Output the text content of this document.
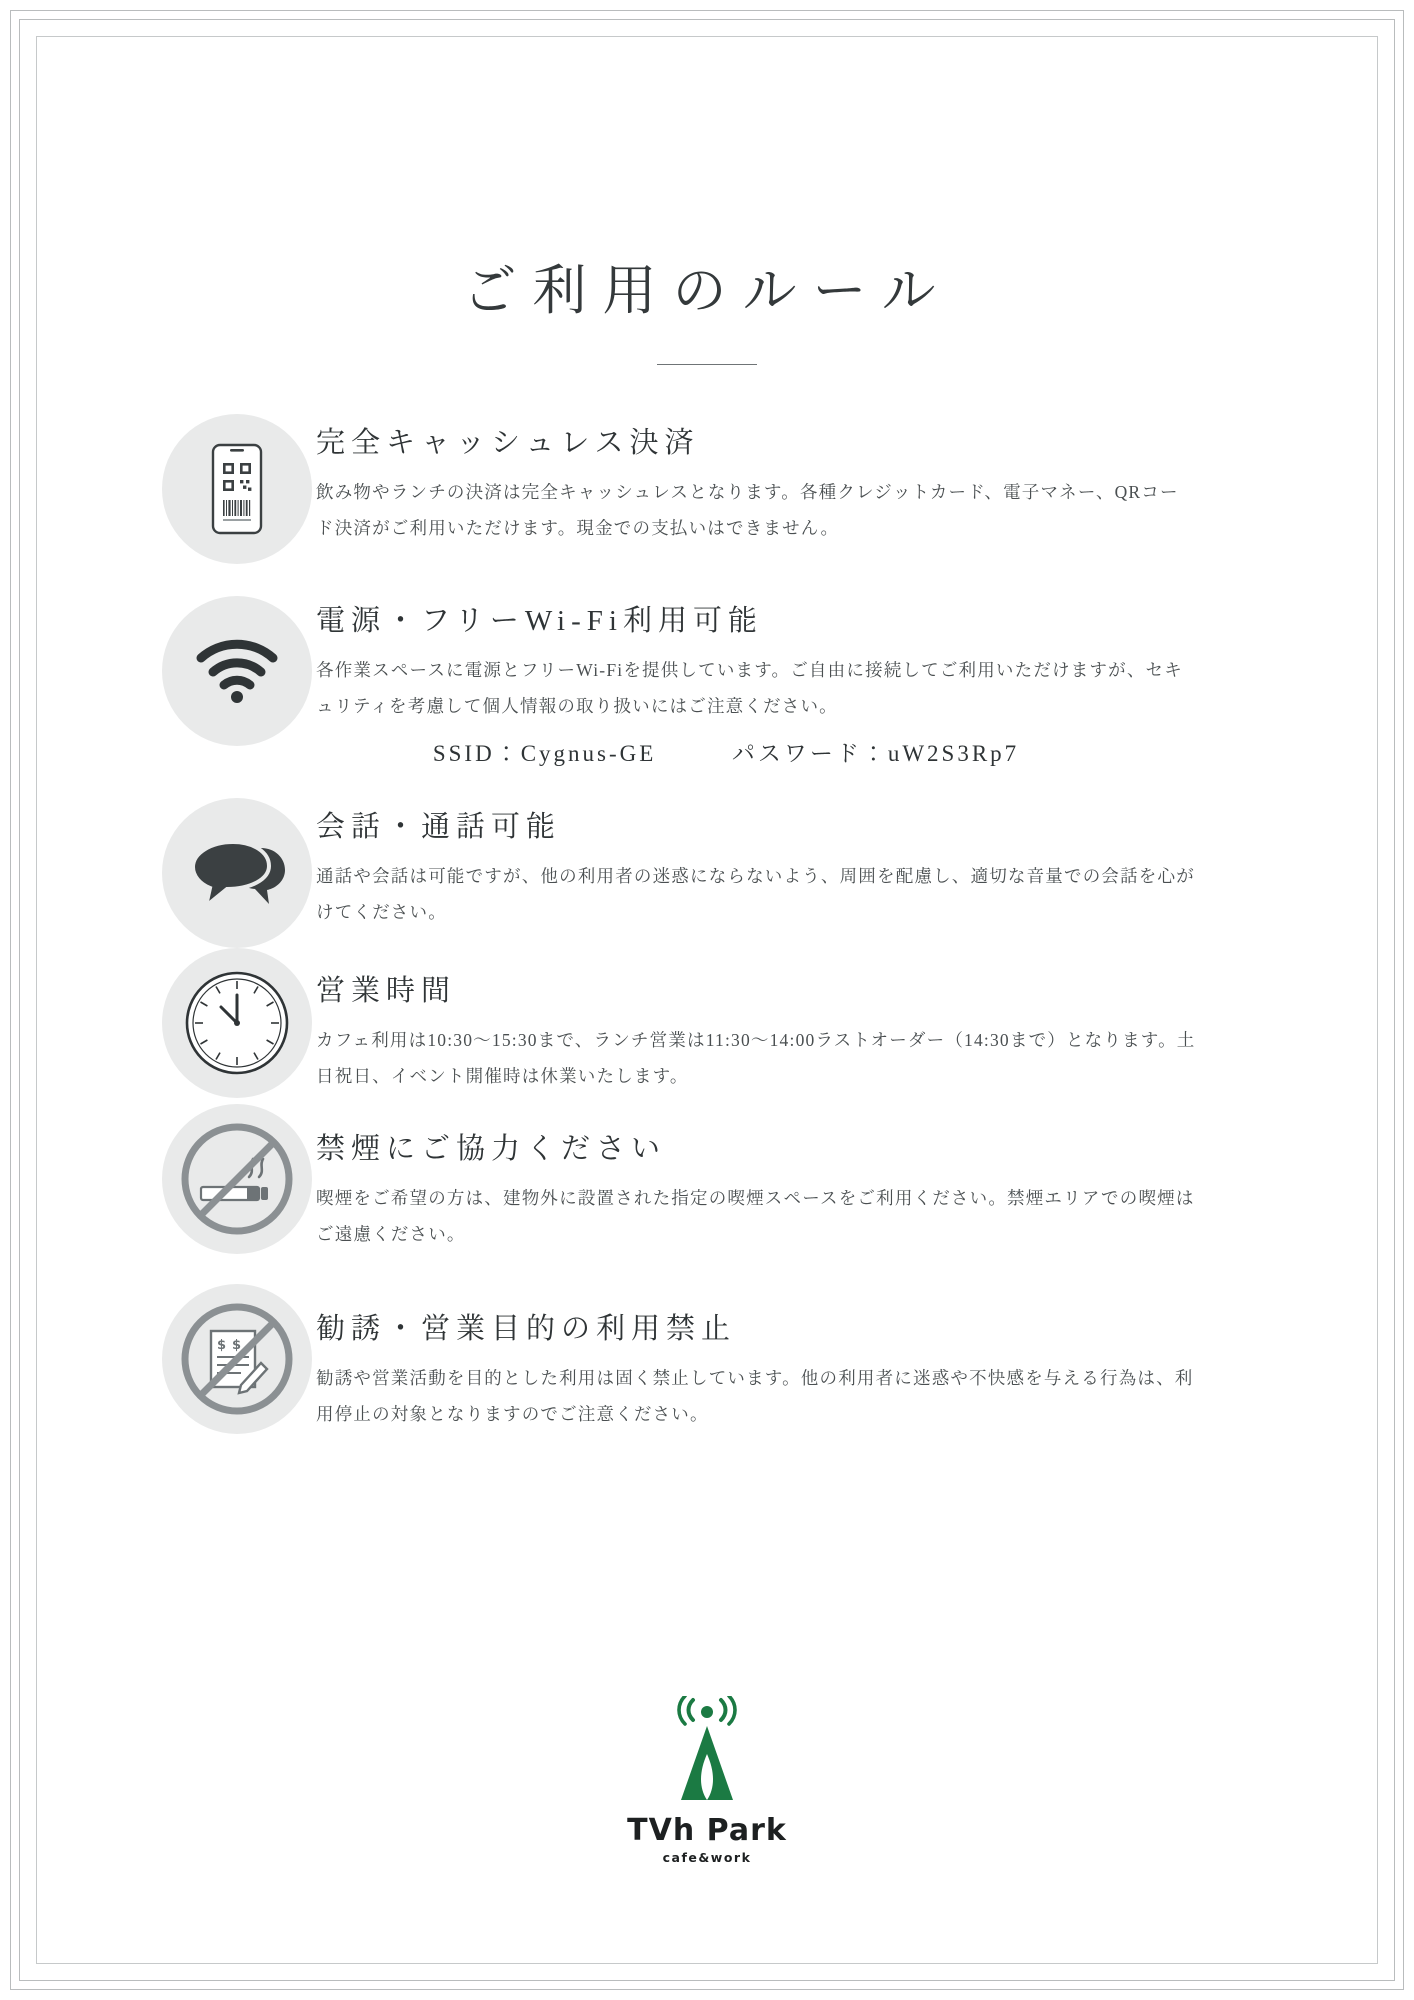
ご利用のルール
完全キャッシュレス決済

飲み物やランチの決済は完全キャッシュレスとなります。各種クレジットカード、電子マネー、QRコード決済がご利用いただけます。現金での支払いはできません。

電源・フリーWi-Fi利用可能

各作業スペースに電源とフリーWi-Fiを提供しています。ご自由に接続してご利用いただけますが、セキュリティを考慮して個人情報の取り扱いにはご注意ください。

SSID：Cygnus-GE	パスワード：uW2S3Rp7
会話・通話可能

通話や会話は可能ですが、他の利用者の迷惑にならないよう、周囲を配慮し、適切な音量での会話を心がけてください。

営業時間

カフェ利用は10:30〜15:30まで、ランチ営業は11:30〜14:00ラストオーダー（14:30まで）となります。土日祝日、イベント開催時は休業いたします。

禁煙にご協力ください

喫煙をご希望の方は、建物外に設置された指定の喫煙スペースをご利用ください。禁煙エリアでの喫煙はご遠慮ください。

$ $
勧誘・営業目的の利用禁止

勧誘や営業活動を目的とした利用は固く禁止しています。他の利用者に迷惑や不快感を与える行為は、利用停止の対象となりますのでご注意ください。

TVh Park
cafe&work
